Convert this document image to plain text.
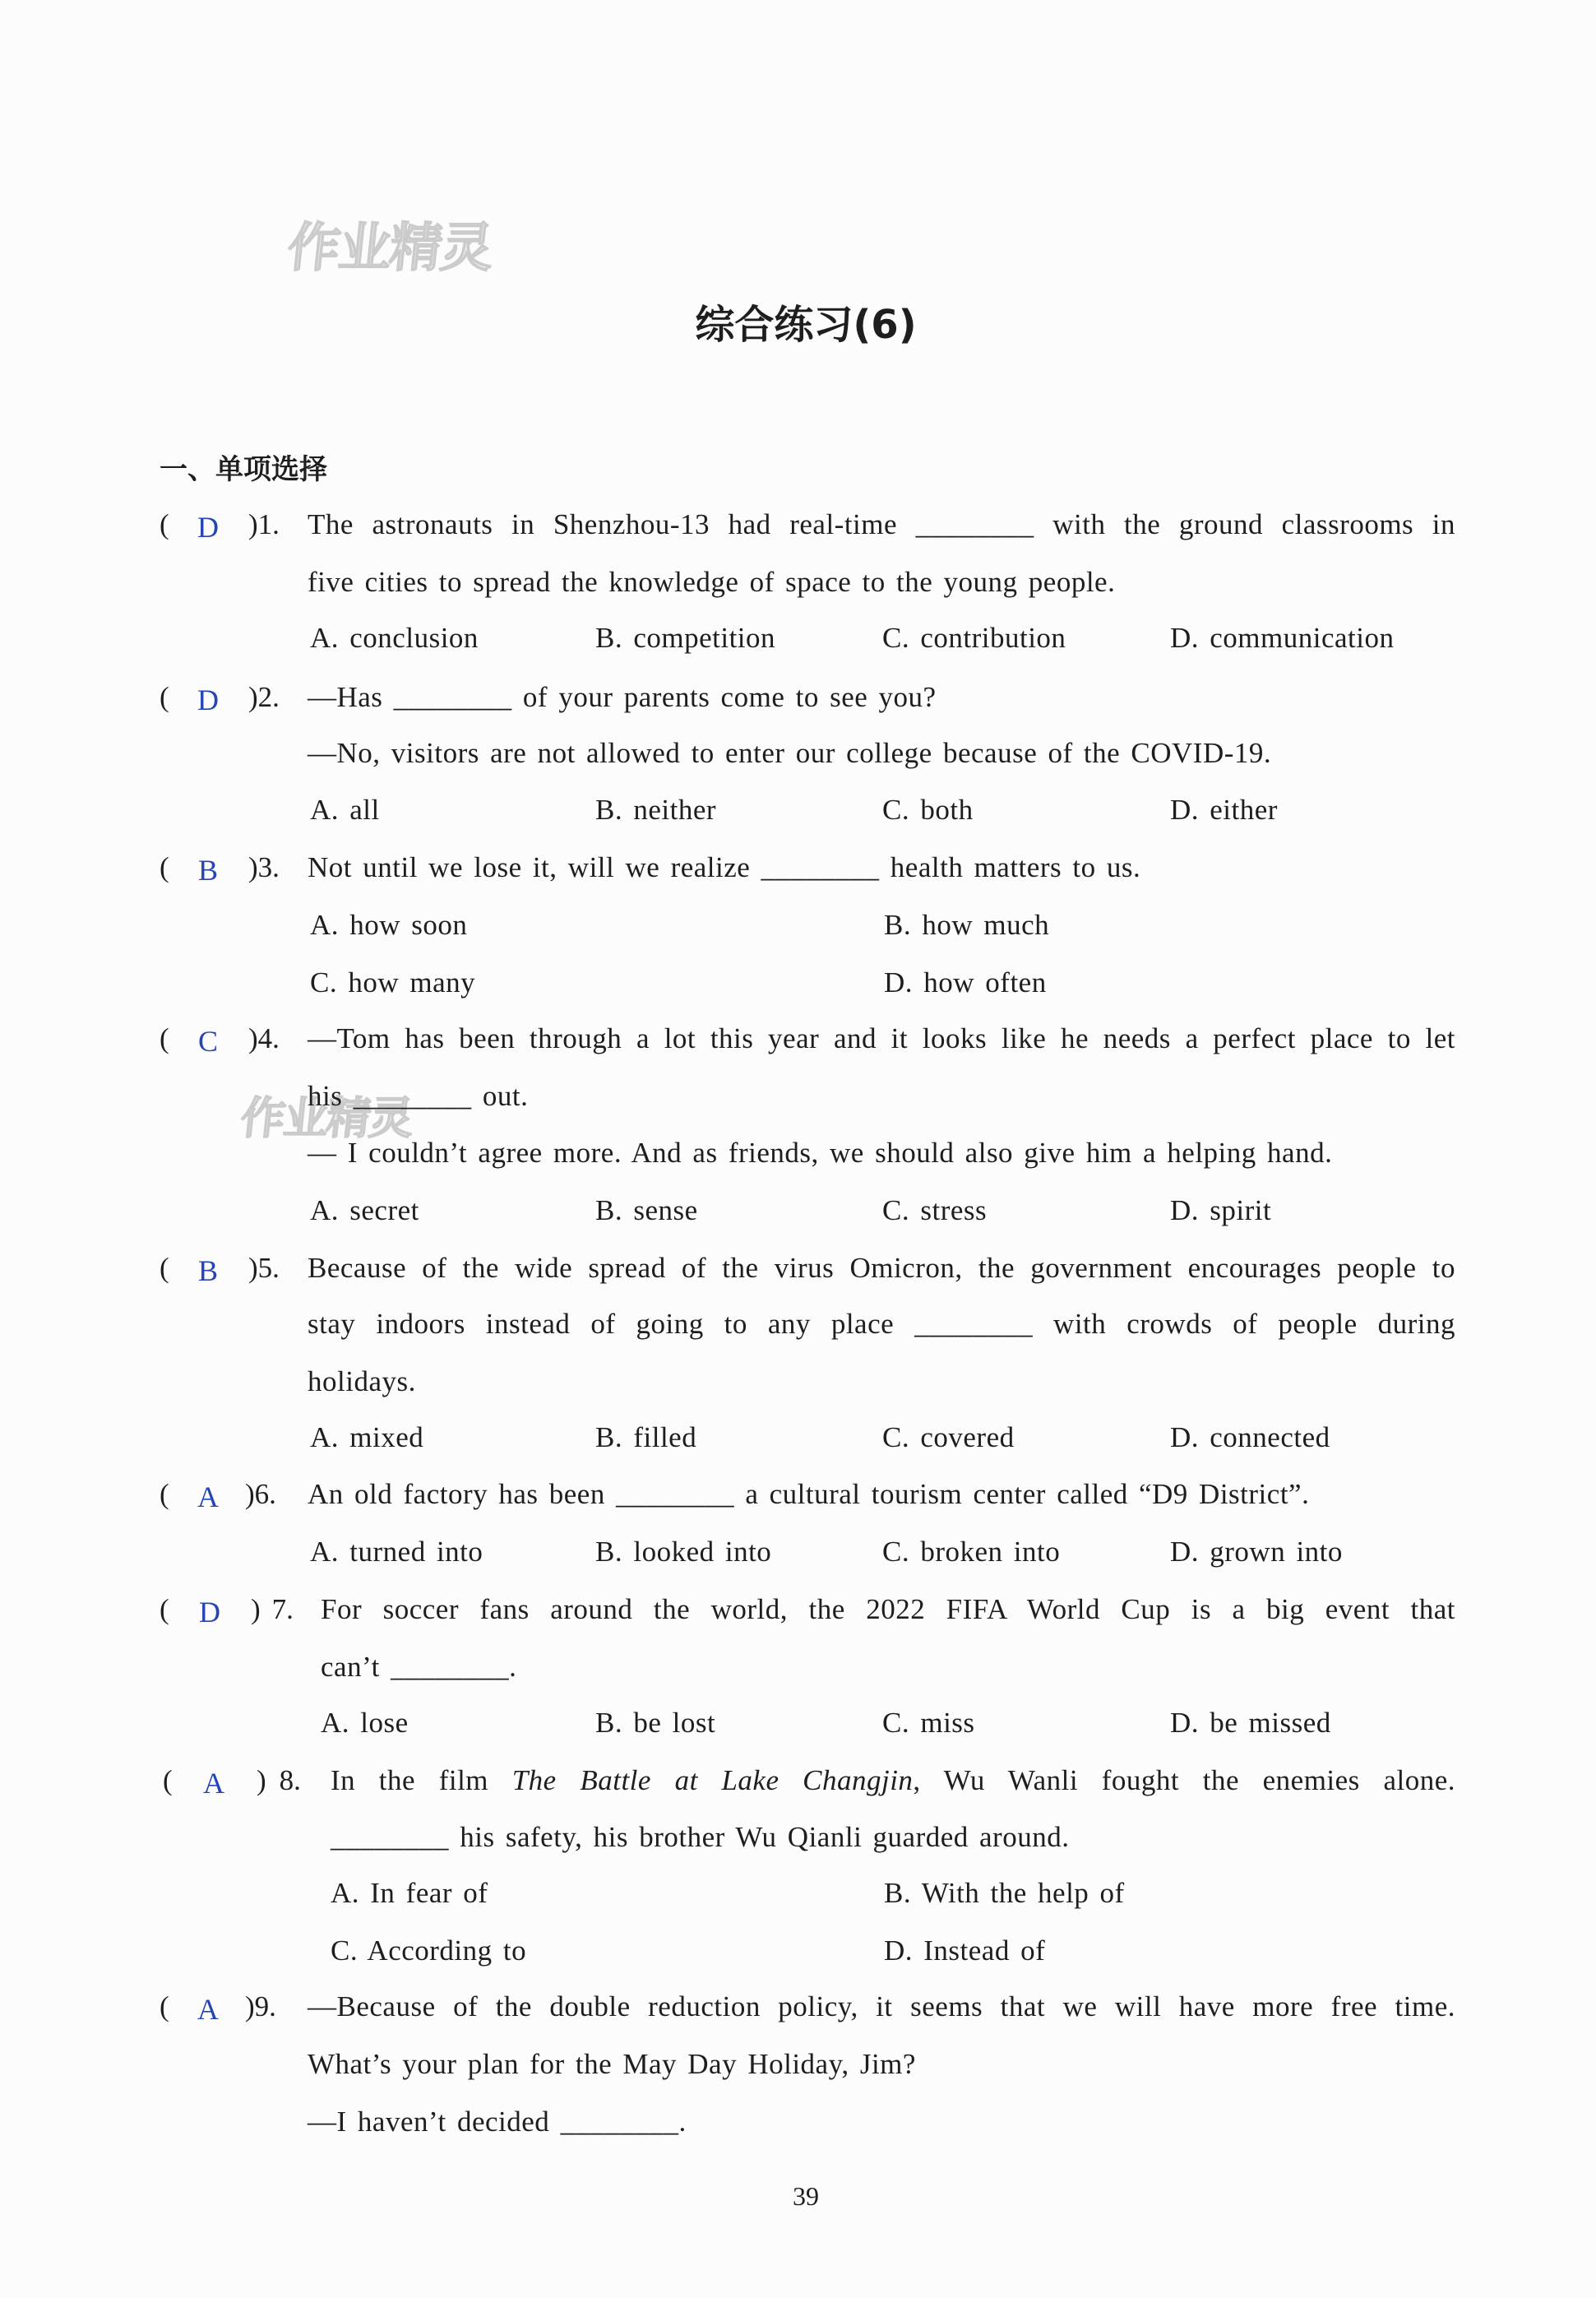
作业精灵
作业精灵
综合练习(6)
一、单项选择
( D )1. The astronauts in Shenzhou-13 had real-time ________ with the ground classrooms in
five cities to spread the knowledge of space to the young people.
A. conclusion	B. competition	C. contribution	D. communication
( D )2. —Has ________ of your parents come to see you?
—No, visitors are not allowed to enter our college because of the COVID-19.
A. all	B. neither	C. both	D. either
( B )3. Not until we lose it, will we realize ________ health matters to us.
A. how soon	B. how much
C. how many	D. how often
( C )4. —Tom has been through a lot this year and it looks like he needs a perfect place to let
his ________ out.
— I couldn’t agree more. And as friends, we should also give him a helping hand.
A. secret	B. sense	C. stress	D. spirit
( B )5. Because of the wide spread of the virus Omicron, the government encourages people to
stay indoors instead of going to any place ________ with crowds of people during
holidays.
A. mixed	B. filled	C. covered	D. connected
( A )6. An old factory has been ________ a cultural tourism center called “D9 District”.
A. turned into	B. looked into	C. broken into	D. grown into
( D ) 7. For soccer fans around the world, the 2022 FIFA World Cup is a big event that
can’t ________.
A. lose	B. be lost	C. miss	D. be missed
( A ) 8. In the film The Battle at Lake Changjin, Wu Wanli fought the enemies alone.
________ his safety, his brother Wu Qianli guarded around.
A. In fear of	B. With the help of
C. According to	D. Instead of
( A )9. —Because of the double reduction policy, it seems that we will have more free time.
What’s your plan for the May Day Holiday, Jim?
—I haven’t decided ________.
39
